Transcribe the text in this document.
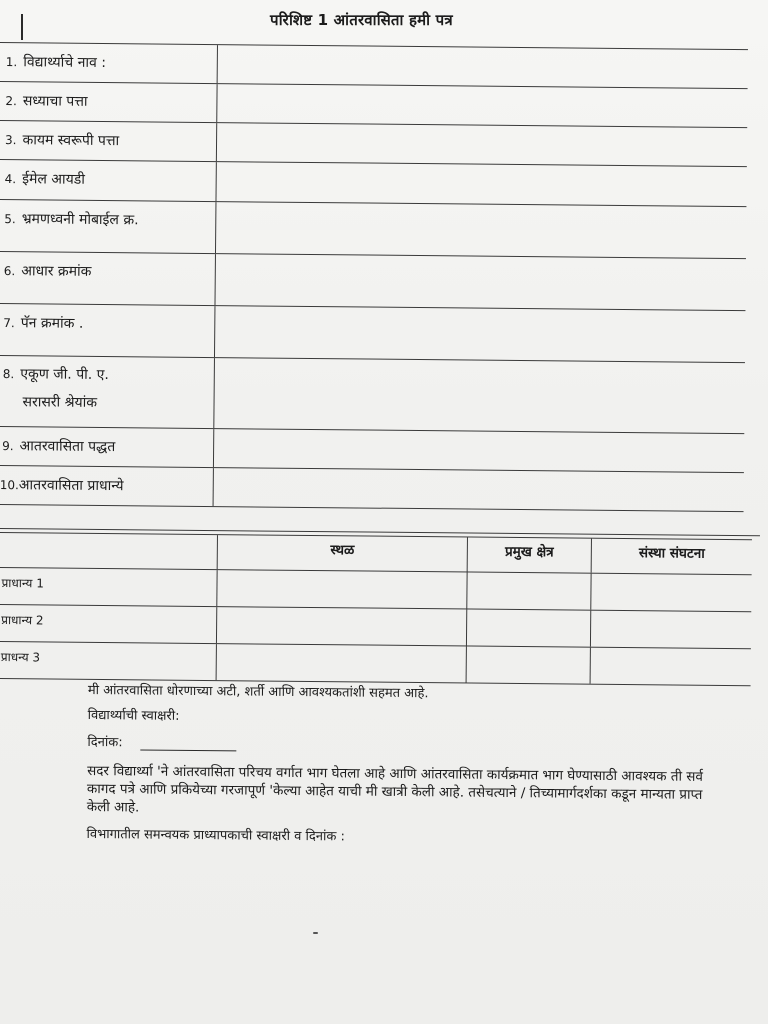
परिशिष्ट 1 आंतरवासिता हमी पत्र
1. विद्यार्थ्याचे नाव :
2. सध्याचा पत्ता
3. कायम स्वरूपी पत्ता
4. ईमेल आयडी
5. भ्रमणध्वनी मोबाईल क्र.
6. आधार क्रमांक
7. पॅन क्रमांक .
8. एकूण जी. पी. ए.
सरासरी श्रेयांक
9. आतरवासिता पद्धत
10.आतरवासिता प्राधान्ये
स्थळ	प्रमुख क्षेत्र	संस्था संघटना
प्राधान्य 1
प्राधान्य 2
प्राधन्य 3
मी आंतरवासिता धोरणाच्या अटी, शर्ती आणि आवश्यकतांशी सहमत आहे.
विद्यार्थ्याची स्वाक्षरी:
दिनांक:
सदर विद्यार्थ्या 'ने आंतरवासिता परिचय वर्गात भाग घेतला आहे आणि आंतरवासिता कार्यक्रमात भाग घेण्यासाठी आवश्यक ती सर्व कागद पत्रे आणि प्रकियेच्या गरजापूर्ण 'केल्या आहेत याची मी खात्री केली आहे. तसेचत्याने / तिच्यामार्गदर्शका कडून मान्यता प्राप्त केली आहे.
विभागातील समन्वयक प्राध्यापकाची स्वाक्षरी व दिनांक :
